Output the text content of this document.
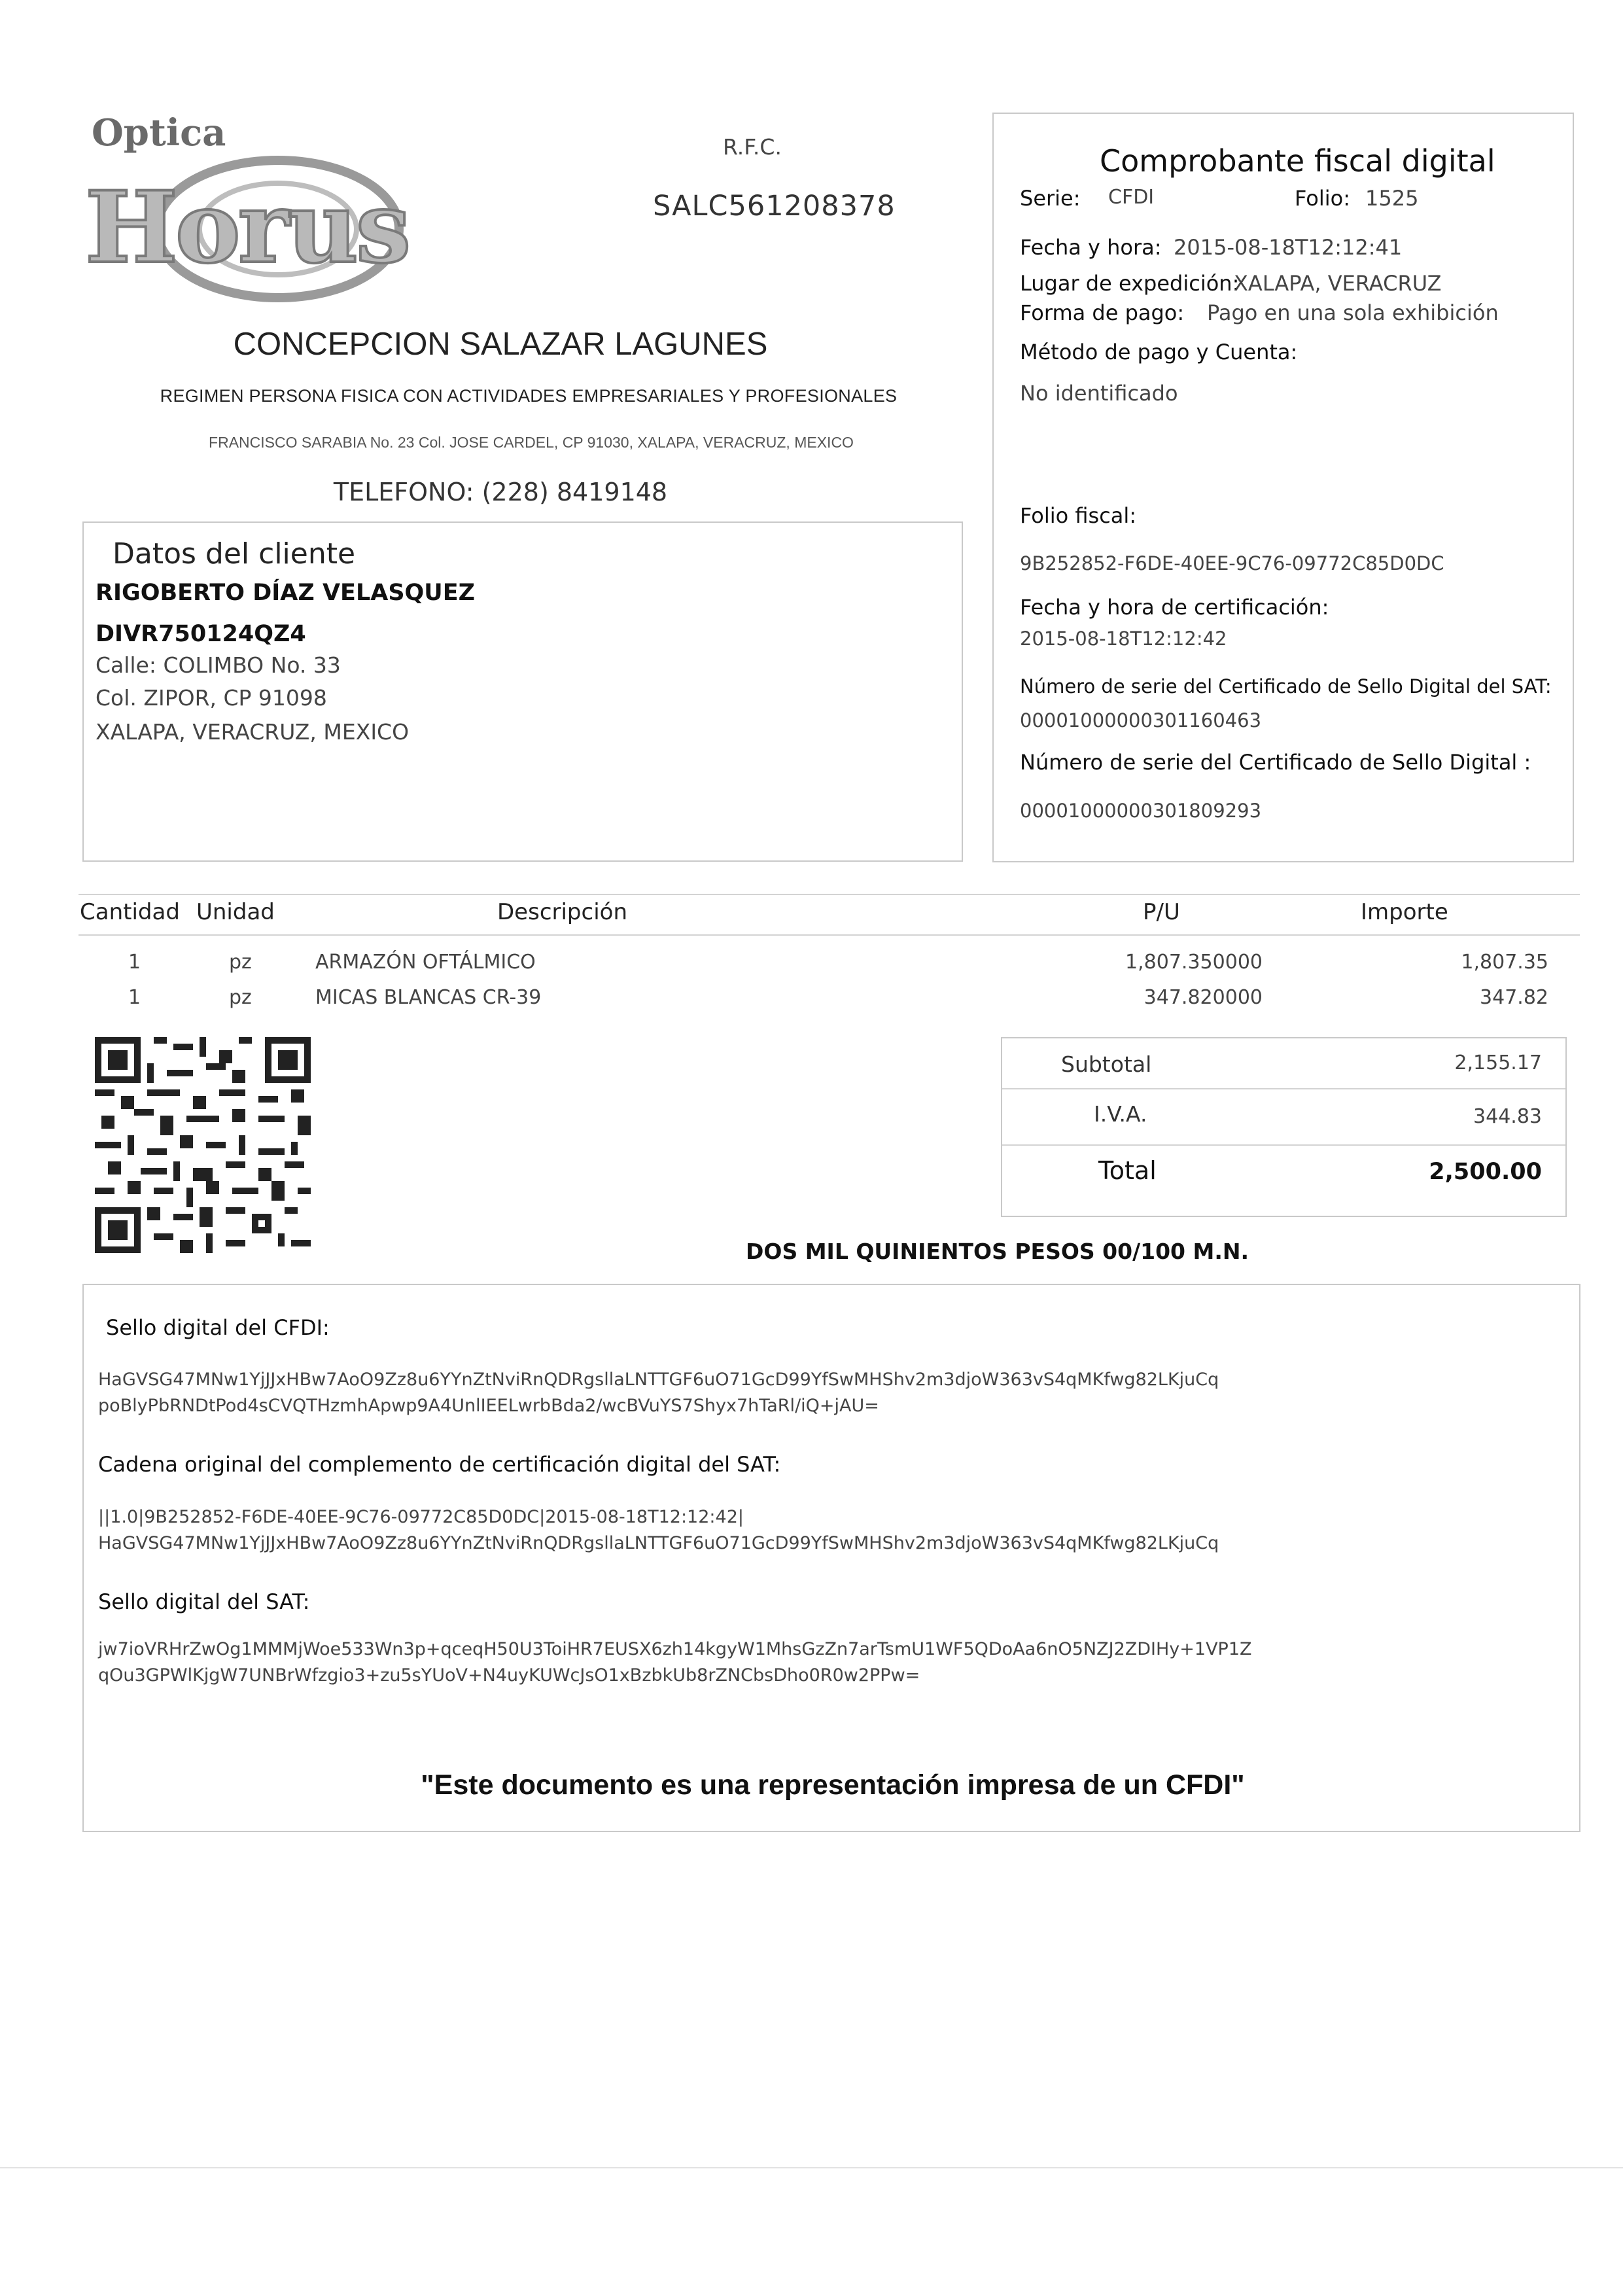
Optica
Horus
R.F.C.
SALC561208378
CONCEPCION SALAZAR LAGUNES
REGIMEN PERSONA FISICA CON ACTIVIDADES EMPRESARIALES Y PROFESIONALES
FRANCISCO SARABIA No. 23 Col. JOSE CARDEL, CP 91030, XALAPA, VERACRUZ, MEXICO
TELEFONO: (228) 8419148
Comprobante fiscal digital
Serie: CFDI	Folio: 1525
Fecha y hora: 2015-08-18T12:12:41
Lugar de expedición:
XALAPA, VERACRUZ
Forma de pago: Pago en una sola exhibición
Método de pago y Cuenta:
No identificado
Folio fiscal:
9B252852-F6DE-40EE-9C76-09772C85D0DC
Fecha y hora de certificación:
2015-08-18T12:12:42
Número de serie del Certificado de Sello Digital del SAT:
00001000000301160463
Número de serie del Certificado de Sello Digital :
00001000000301809293
Datos del cliente
RIGOBERTO DÍAZ VELASQUEZ
DIVR750124QZ4
Calle: COLIMBO No. 33
Col. ZIPOR, CP 91098
XALAPA, VERACRUZ, MEXICO
Cantidad Unidad	Descripción	P/U	Importe
1	pz	ARMAZÓN OFTÁLMICO	1,807.350000	1,807.35
1	pz	MICAS BLANCAS CR-39	347.820000	347.82
Subtotal	2,155.17
I.V.A.	344.83
Total	2,500.00
DOS MIL QUINIENTOS PESOS 00/100 M.N.
Sello digital del CFDI:
HaGVSG47MNw1YjJJxHBw7AoO9Zz8u6YYnZtNviRnQDRgsllaLNTTGF6uO71GcD99YfSwMHShv2m3djoW363vS4qMKfwg82LKjuCq
poBlyPbRNDtPod4sCVQTHzmhApwp9A4UnlIEELwrbBda2/wcBVuYS7Shyx7hTaRl/iQ+jAU=
Cadena original del complemento de certificación digital del SAT:
||1.0|9B252852-F6DE-40EE-9C76-09772C85D0DC|2015-08-18T12:12:42|
HaGVSG47MNw1YjJJxHBw7AoO9Zz8u6YYnZtNviRnQDRgsllaLNTTGF6uO71GcD99YfSwMHShv2m3djoW363vS4qMKfwg82LKjuCq
Sello digital del SAT:
jw7ioVRHrZwOg1MMMjWoe533Wn3p+qceqH50U3ToiHR7EUSX6zh14kgyW1MhsGzZn7arTsmU1WF5QDoAa6nO5NZJ2ZDIHy+1VP1Z
qOu3GPWlKjgW7UNBrWfzgio3+zu5sYUoV+N4uyKUWcJsO1xBzbkUb8rZNCbsDho0R0w2PPw=
"Este documento es una representación impresa de un CFDI"
